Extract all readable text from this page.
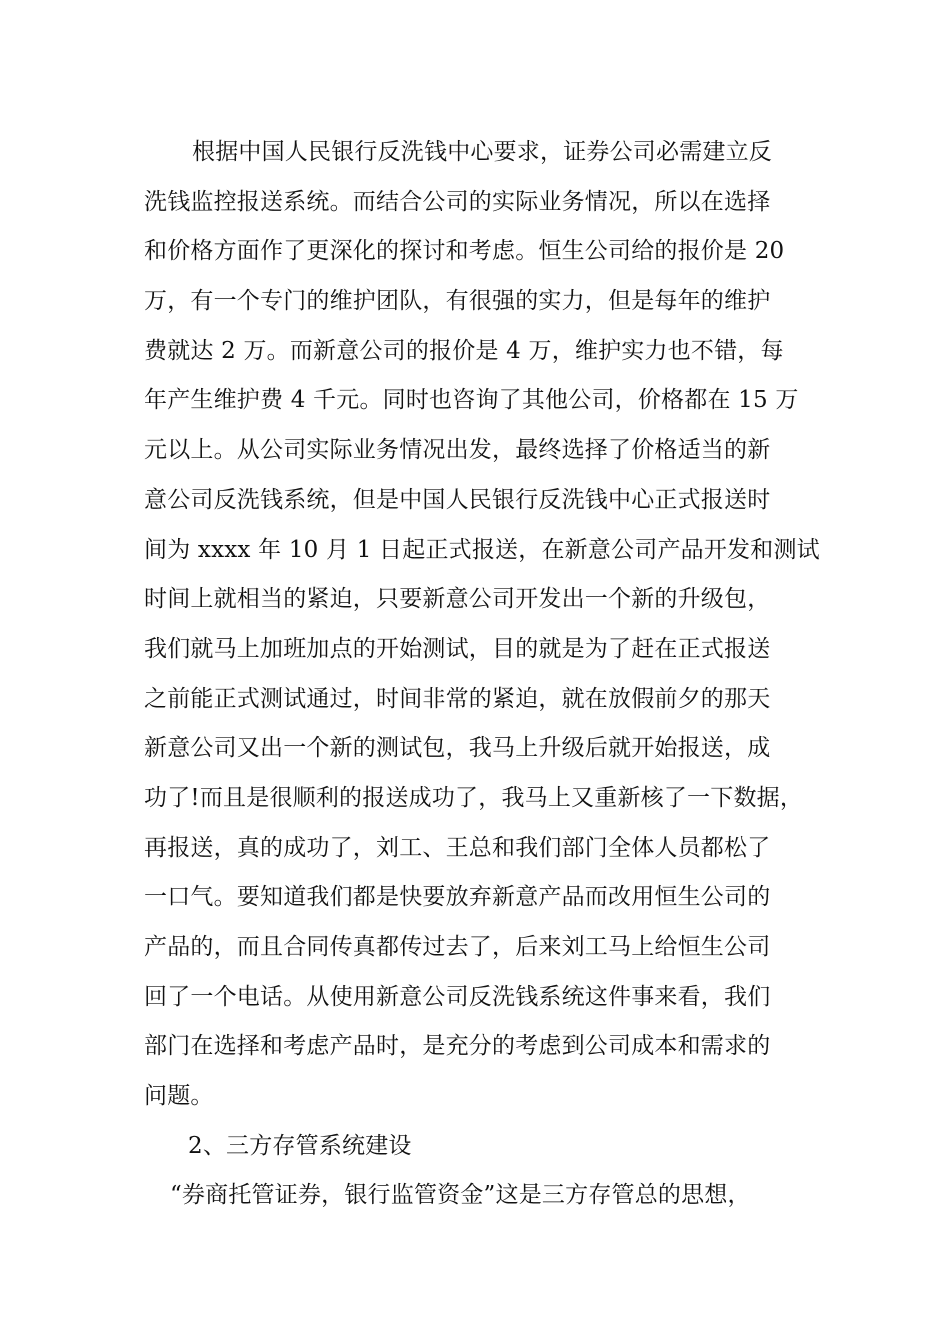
根据中国人民银行反洗钱中心要求，证券公司必需建立反
洗钱监控报送系统。而结合公司的实际业务情况，所以在选择
和价格方面作了更深化的探讨和考虑。恒生公司给的报价是 20
万，有一个专门的维护团队，有很强的实力，但是每年的维护
费就达 2 万。而新意公司的报价是 4 万，维护实力也不错，每
年产生维护费 4 千元。同时也咨询了其他公司，价格都在 15 万
元以上。从公司实际业务情况出发，最终选择了价格适当的新
意公司反洗钱系统，但是中国人民银行反洗钱中心正式报送时
间为 xxxx 年 10 月 1 日起正式报送，在新意公司产品开发和测试
时间上就相当的紧迫，只要新意公司开发出一个新的升级包，
我们就马上加班加点的开始测试，目的就是为了赶在正式报送
之前能正式测试通过，时间非常的紧迫，就在放假前夕的那天
新意公司又出一个新的测试包，我马上升级后就开始报送，成
功了!而且是很顺利的报送成功了，我马上又重新核了一下数据，
再报送，真的成功了，刘工、王总和我们部门全体人员都松了
一口气。要知道我们都是快要放弃新意产品而改用恒生公司的
产品的，而且合同传真都传过去了，后来刘工马上给恒生公司
回了一个电话。从使用新意公司反洗钱系统这件事来看，我们
部门在选择和考虑产品时，是充分的考虑到公司成本和需求的
问题。
2、三方存管系统建设
“券商托管证券，银行监管资金”这是三方存管总的思想，
